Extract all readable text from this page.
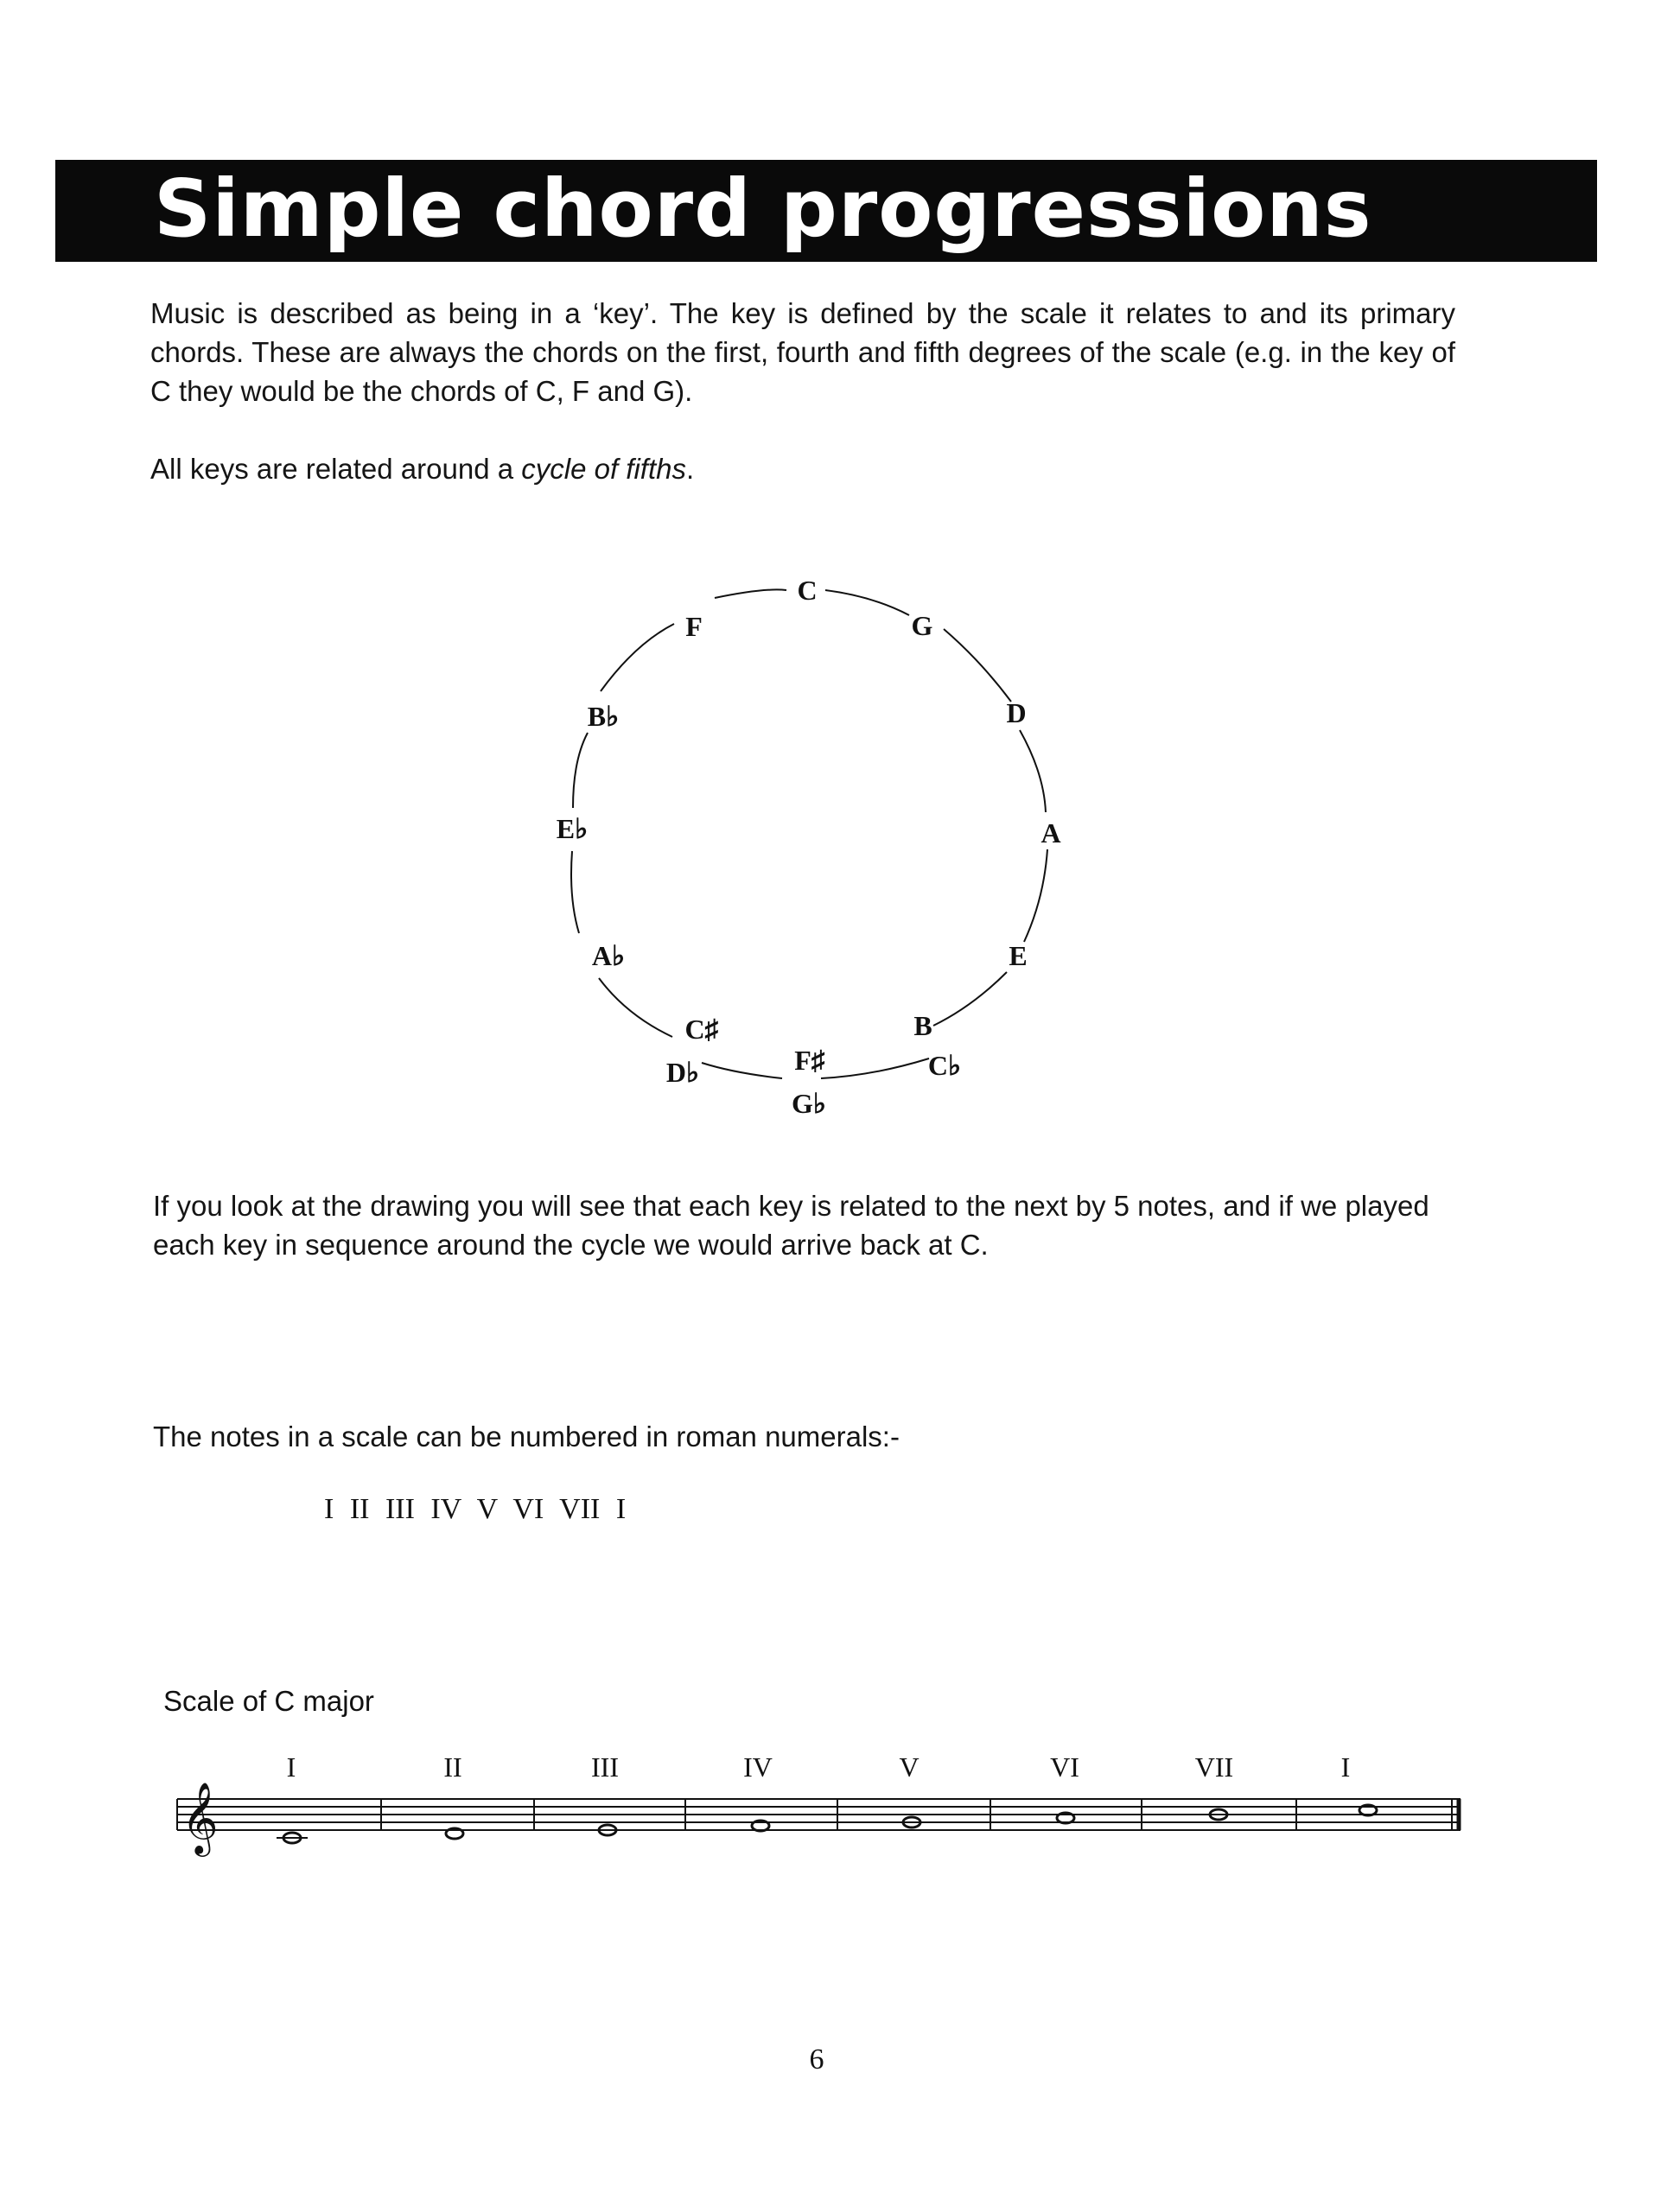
Simple chord progressions
Music is described as being in a ‘key’. The key is defined by the scale it relates to and its primary chords. These are always the chords on the first, fourth and fifth degrees of the scale (e.g. in the key of C they would be the chords of C, F and G).
All keys are related around a cycle of fifths.
C
G
D
A
E
B
C♭
F♯
G♭
C♯
D♭
A♭
E♭
B♭
F
If you look at the drawing you will see that each key is related to the next by 5 notes, and if we played each key in sequence around the cycle we would arrive back at C.
The notes in a scale can be numbered in roman numerals:-
I II III IV V VI VII I
Scale of C major
I	II	III	IV	V	VI	VII	I
𝄞
6
